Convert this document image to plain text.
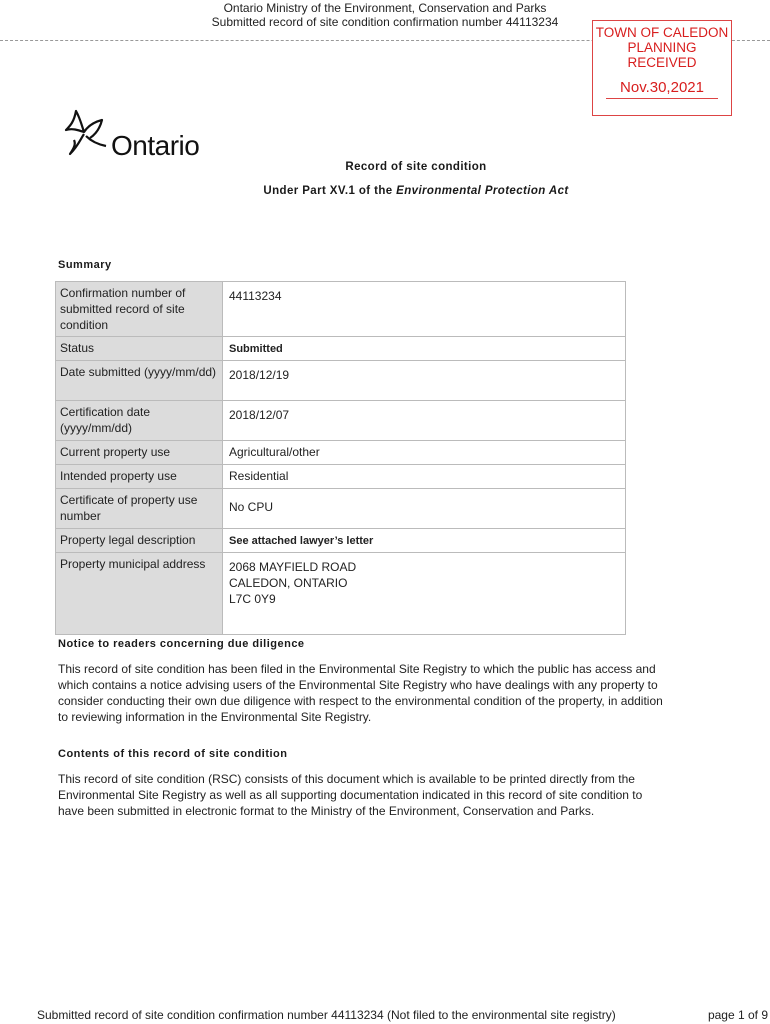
Ontario Ministry of the Environment, Conservation and Parks
Submitted record of site condition confirmation number 44113234
TOWN OF CALEDON
PLANNING
RECEIVED
Nov.30,2021
Ontario
Record of site condition
Under Part XV.1 of the Environmental Protection Act
Summary
Confirmation number of submitted record of site condition	44113234
Status	Submitted
Date submitted (yyyy/mm/dd)	2018/12/19
Certification date (yyyy/mm/dd)	2018/12/07
Current property use	Agricultural/other
Intended property use	Residential
Certificate of property use number	No CPU
Property legal description	See attached lawyer’s letter
Property municipal address	2068 MAYFIELD ROAD
CALEDON, ONTARIO
L7C 0Y9
Notice to readers concerning due diligence
This record of site condition has been filed in the Environmental Site Registry to which the public has access and which contains a notice advising users of the Environmental Site Registry who have dealings with any property to consider conducting their own due diligence with respect to the environmental condition of the property, in addition to reviewing information in the Environmental Site Registry.
Contents of this record of site condition
This record of site condition (RSC) consists of this document which is available to be printed directly from the Environmental Site Registry as well as all supporting documentation indicated in this record of site condition to have been submitted in electronic format to the Ministry of the Environment, Conservation and Parks.
Submitted record of site condition confirmation number 44113234 (Not filed to the environmental site registry)	page 1 of 9
